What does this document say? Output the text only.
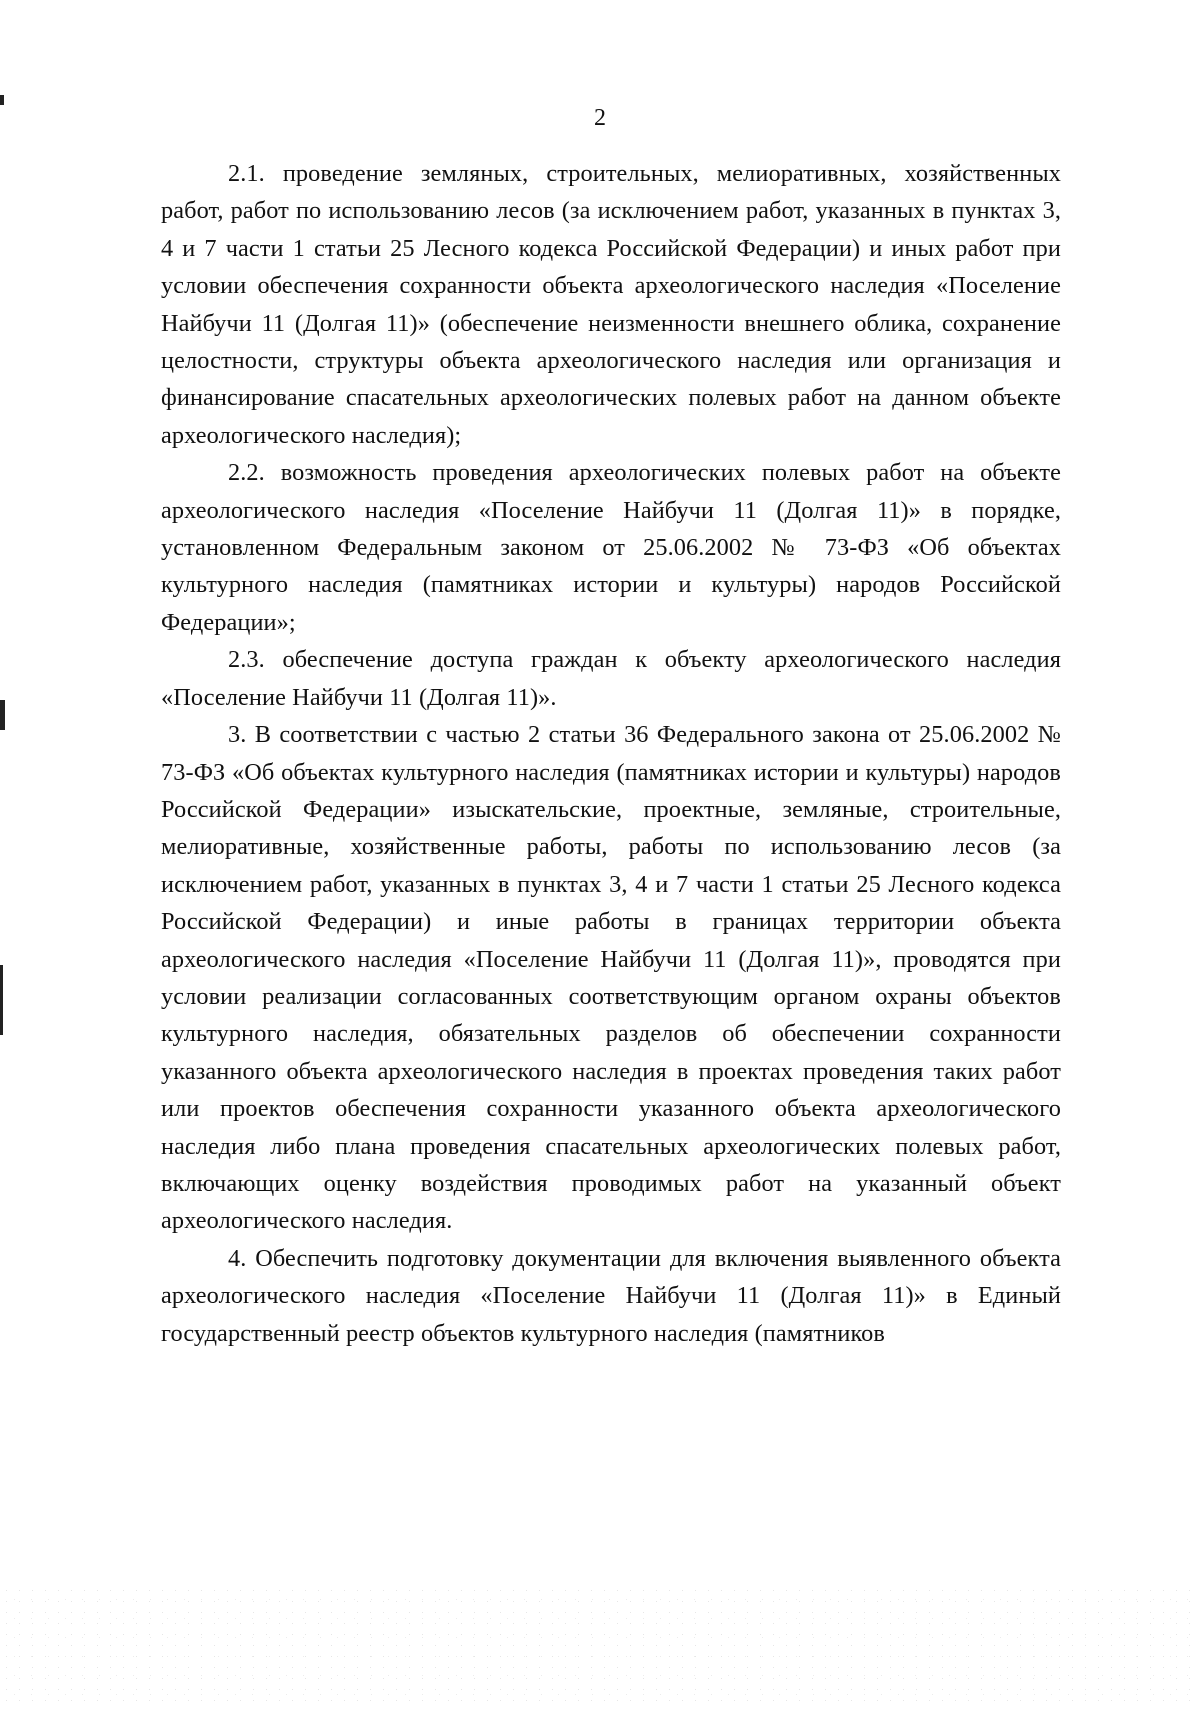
2

2.1. проведение земляных, строительных, мелиоративных, хозяйственных работ, работ по использованию лесов (за исключением работ, указанных в пунктах 3, 4 и 7 части 1 статьи 25 Лесного кодекса Российской Федерации) и иных работ при условии обеспечения сохранности объекта археологического наследия «Поселение Найбучи 11 (Долгая 11)» (обеспечение неизменности внешнего облика, сохранение целостности, структуры объекта археологического наследия или организация и финансирование спасательных археологических полевых работ на данном объекте археологического наследия);

2.2. возможность проведения археологических полевых работ на объекте археологического наследия «Поселение Найбучи 11 (Долгая 11)» в порядке, установленном Федеральным законом от 25.06.2002 № 73-ФЗ «Об объектах культурного наследия (памятниках истории и культуры) народов Российской Федерации»;

2.3. обеспечение доступа граждан к объекту археологического наследия «Поселение Найбучи 11 (Долгая 11)».

3. В соответствии с частью 2 статьи 36 Федерального закона от 25.06.2002 № 73-ФЗ «Об объектах культурного наследия (памятниках истории и культуры) народов Российской Федерации» изыскательские, проектные, земляные, строительные, мелиоративные, хозяйственные работы, работы по использованию лесов (за исключением работ, указанных в пунктах 3, 4 и 7 части 1 статьи 25 Лесного кодекса Российской Федерации) и иные работы в границах территории объекта археологического наследия «Поселение Найбучи 11 (Долгая 11)», проводятся при условии реализации согласованных соответствующим органом охраны объектов культурного наследия, обязательных разделов об обеспечении сохранности указанного объекта археологического наследия в проектах проведения таких работ или проектов обеспечения сохранности указанного объекта археологического наследия либо плана проведения спасательных археологических полевых работ, включающих оценку воздействия проводимых работ на указанный объект археологического наследия.

4. Обеспечить подготовку документации для включения выявленного объекта археологического наследия «Поселение Найбучи 11 (Долгая 11)» в Единый государственный реестр объектов культурного наследия (памятников
